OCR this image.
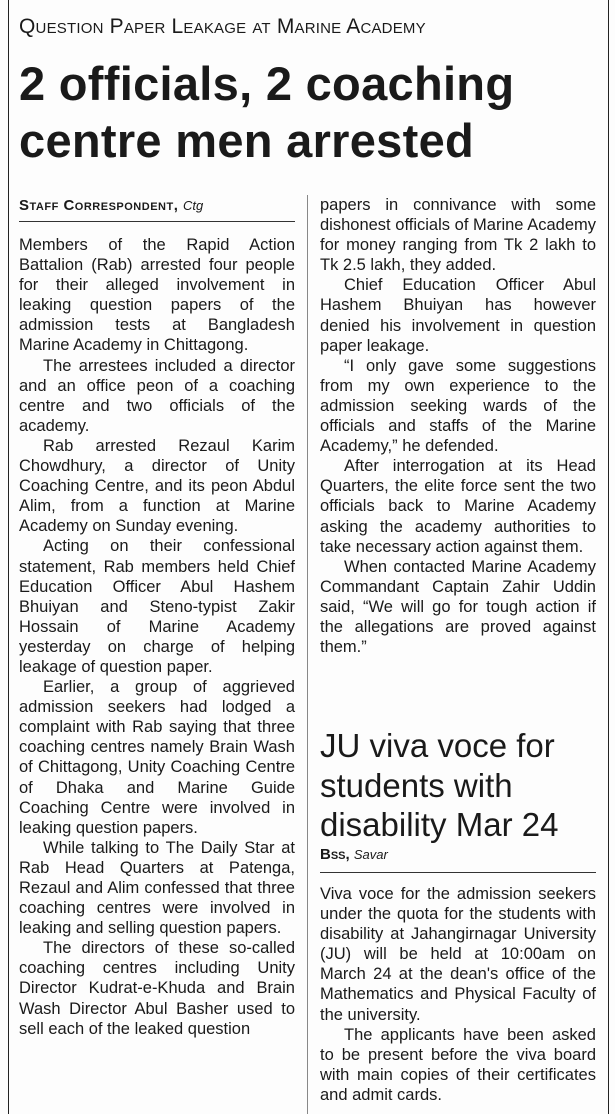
Question Paper Leakage at Marine Academy
2 officials, 2 coaching centre men arrested
Staff Correspondent, Ctg

Members of the Rapid Action Battalion (Rab) arrested four people for their alleged involvement in leaking question papers of the admission tests at Bangladesh Marine Academy in Chittagong.

The arrestees included a director and an office peon of a coaching centre and two officials of the academy.

Rab arrested Rezaul Karim Chowdhury, a director of Unity Coaching Centre, and its peon Abdul Alim, from a function at Marine Academy on Sunday evening.

Acting on their confessional statement, Rab members held Chief Education Officer Abul Hashem Bhuiyan and Steno-typist Zakir Hossain of Marine Academy yesterday on charge of helping leakage of question paper.

Earlier, a group of aggrieved admission seekers had lodged a complaint with Rab saying that three coaching centres namely Brain Wash of Chittagong, Unity Coaching Centre of Dhaka and Marine Guide Coaching Centre were involved in leaking question papers.

While talking to The Daily Star at Rab Head Quarters at Patenga, Rezaul and Alim confessed that three coaching centres were involved in leaking and selling question papers.

The directors of these so-called coaching centres including Unity Director Kudrat-e-Khuda and Brain Wash Director Abul Basher used to sell each of the leaked question

papers in connivance with some dishonest officials of Marine Academy for money ranging from Tk 2 lakh to Tk 2.5 lakh, they added.

Chief Education Officer Abul Hashem Bhuiyan has however denied his involvement in question paper leakage.

“I only gave some suggestions from my own experience to the admission seeking wards of the officials and staffs of the Marine Academy,” he defended.

After interrogation at its Head Quarters, the elite force sent the two officials back to Marine Academy asking the academy authorities to take necessary action against them.

When contacted Marine Academy Commandant Captain Zahir Uddin said, “We will go for tough action if the allegations are proved against them.”

JU viva voce for students with disability Mar 24
Bss, Savar

Viva voce for the admission seekers under the quota for the students with disability at Jahangirnagar University (JU) will be held at 10:00am on March 24 at the dean's office of the Mathematics and Physical Faculty of the university.

The applicants have been asked to be present before the viva board with main copies of their certificates and admit cards.
